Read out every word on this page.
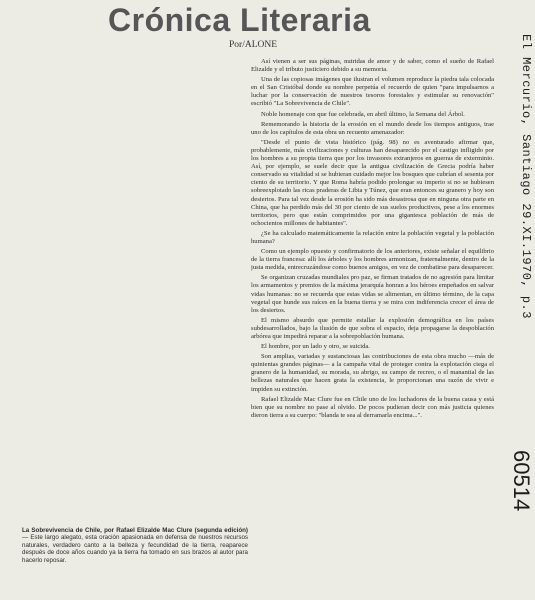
Crónica Literaria
Por/ALONE

Así vienen a ser sus páginas, nutridas de amor y de saber, como el sueño de Rafael Elizalde y el tributo justiciero debido a su memoria.

Una de las copiosas imágenes que ilustran el volumen reproduce la piedra tala colocada en el San Cristóbal donde su nombre perpetúa el recuerdo de quien "para impulsarnos a luchar por la conservación de nuestros tesoros forestales y estimular su renovación" escribió "La Sobrevivencia de Chile".

Noble homenaje con que fue celebrada, en abril último, la Semana del Árbol.

Rememorando la historia de la erosión en el mundo desde los tiempos antiguos, trae uno de los capítulos de esta obra un recuento amenazador:

"Desde el punto de vista histórico (pág. 98) no es aventurado afirmar que, probablemente, más civilizaciones y culturas han desaparecido por el castigo infligido por los hombres a su propia tierra que por los invasores extranjeros en guerras de exterminio. Así, por ejemplo, se suele decir que la antigua civilización de Grecia podría haber conservado su vitalidad si se hubieran cuidado mejor los bosques que cubrían el sesenta por ciento de su territorio. Y que Roma habría podido prolongar su imperio si no se hubiesen sobreexplotado las ricas praderas de Libia y Túnez, que eran entonces su granero y hoy son desiertos. Para tal vez desde la erosión ha sido más desastrosa que en ninguna otra parte en China, que ha perdido más del 30 por ciento de sus suelos productivos, pese a los enormes territorios, pero que están comprimidos por una gigantesca población de más de ochocientos millones de habitantes".

¿Se ha calculado matemáticamente la relación entre la población vegetal y la población humana?

Como un ejemplo opuesto y confirmatorio de los anteriores, existe señalar el equilibrio de la tierra francesa: allí los árboles y los hombres armonizan, fraternalmente, dentro de la justa medida, entrecruzándose como buenos amigos, en vez de combatirse para desaparecer.

Se organizan cruzadas mundiales pro paz, se firman tratados de no agresión para limitar los armamentos y premios de la máxima jerarquía honran a los héroes empeñados en salvar vidas humanas: no se recuerda que estas vidas se alimentan, en último término, de la capa vegetal que hunde sus raíces en la buena tierra y se mira con indiferencia crecer el área de los desiertos.

El mismo absurdo que permite estallar la explosión demográfica en los países subdesarrollados, bajo la ilusión de que sobra el espacio, deja propagarse la despoblación arbórea que impedirá reparar a la sobrepoblación humana.

El hombre, por un lado y otro, se suicida.

Son amplias, variadas y sustanciosas las contribuciones de esta obra mucho —más de quinientas grandes páginas— a la campaña vital de proteger contra la explotación ciega el granero de la humanidad, su morada, su abrigo, su campo de recreo, o el manantial de las bellezas naturales que hacen grata la existencia, le proporcionan una razón de vivir e impiden su extinción.

Rafael Elizalde Mac Clure fue en Chile uno de los luchadores de la buena causa y está bien que su nombre no pase al olvido. De pocos pudieran decir con más justicia quienes dieron tierra a su cuerpo: "blanda te sea al derramarla encima...".

La Sobrevivencia de Chile, por Rafael Elizalde Mac Clure (segunda edición)— Este largo alegato, esta oración apasionada en defensa de nuestros recursos naturales, verdadero canto a la belleza y fecundidad de la tierra, reaparece después de doce años cuando ya la tierra ha tomado en sus brazos al autor para hacerlo reposar.
El Mercurio, Santiago 29.XI.1970, p.3
60514
